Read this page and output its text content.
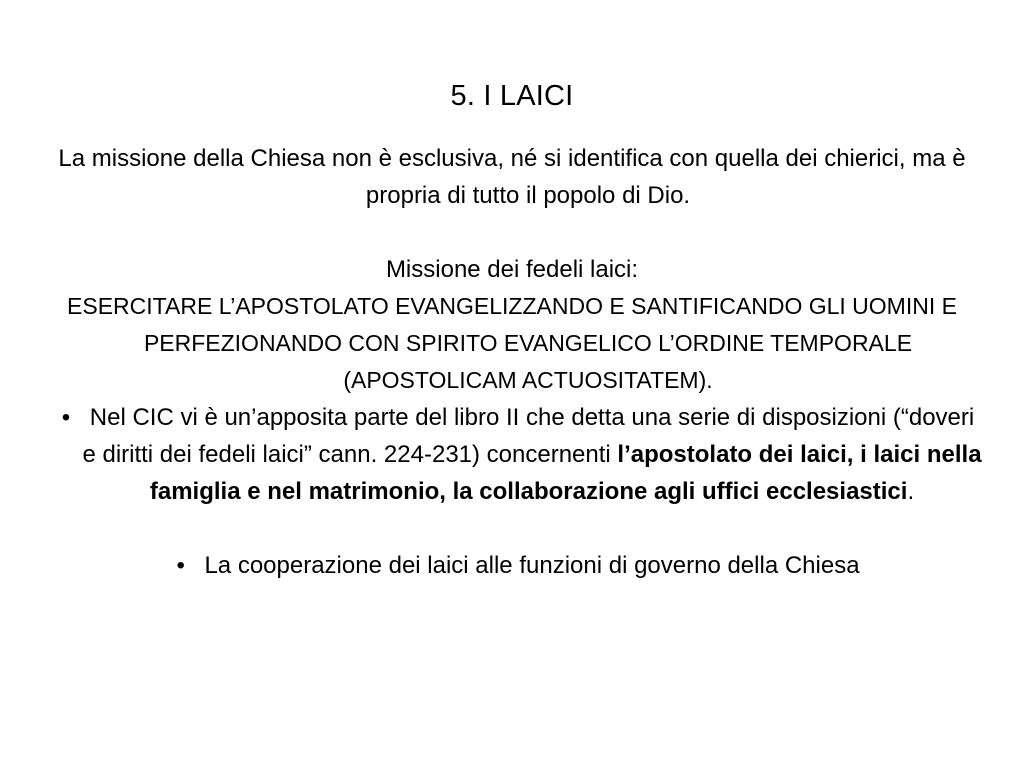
5. I LAICI

La missione della Chiesa non è esclusiva, né si identifica con quella dei chierici, ma è propria di tutto il popolo di Dio.

Missione dei fedeli laici:

ESERCITARE L’APOSTOLATO EVANGELIZZANDO E SANTIFICANDO GLI UOMINI E PERFEZIONANDO CON SPIRITO EVANGELICO L’ORDINE TEMPORALE (APOSTOLICAM ACTUOSITATEM).

• Nel CIC vi è un’apposita parte del libro II che detta una serie di disposizioni (“doveri e diritti dei fedeli laici” cann. 224-231) concernenti l’apostolato dei laici, i laici nella famiglia e nel matrimonio, la collaborazione agli uffici ecclesiastici.

• La cooperazione dei laici alle funzioni di governo della Chiesa
